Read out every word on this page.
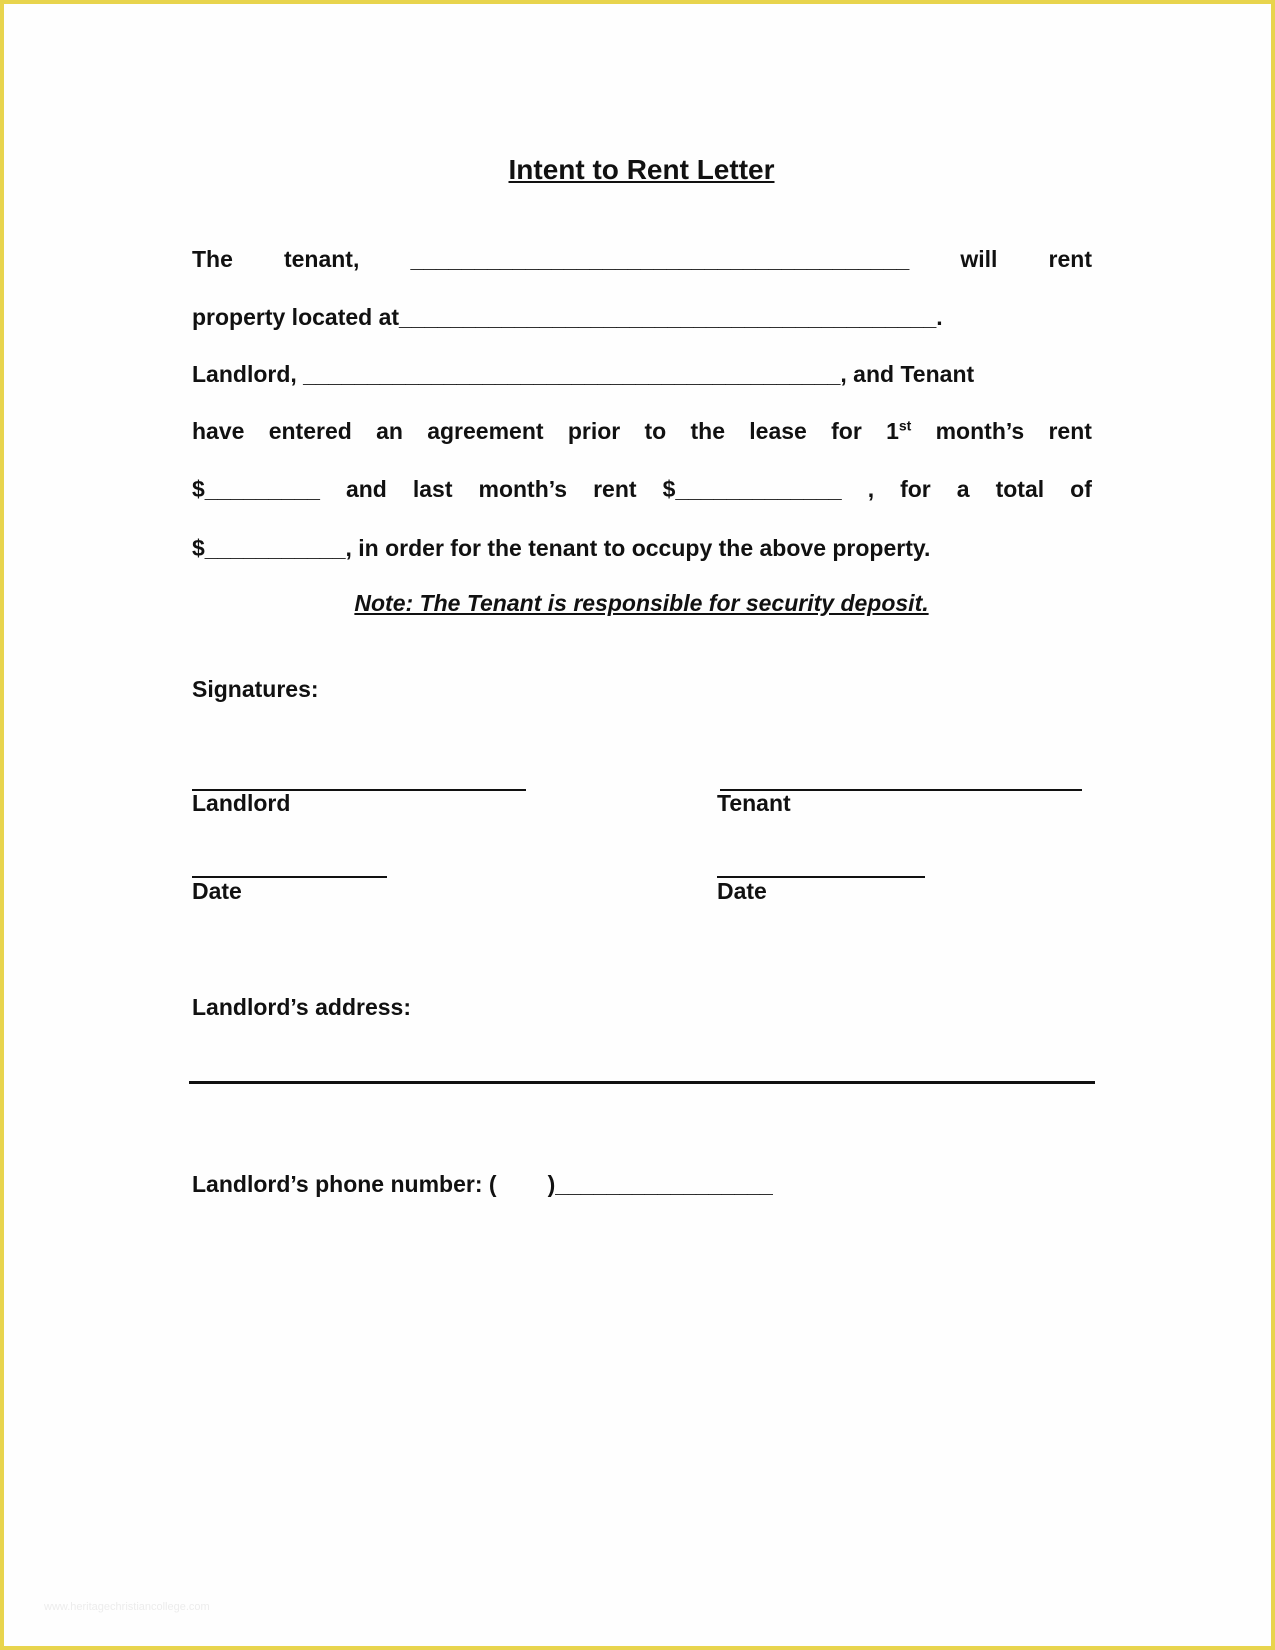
Intent to Rent Letter
The tenant, _______________________________________ will rent
property located at__________________________________________.
Landlord, __________________________________________, and Tenant
have entered an agreement prior to the lease for 1st month’s rent
$_________ and last month’s rent $_____________ , for a total of
$___________, in order for the tenant to occupy the above property.
Note: The Tenant is responsible for security deposit.
Signatures:
Landlord	Tenant
Date	Date
Landlord’s address:
Landlord’s phone number: (        )_________________
www.heritagechristiancollege.com
